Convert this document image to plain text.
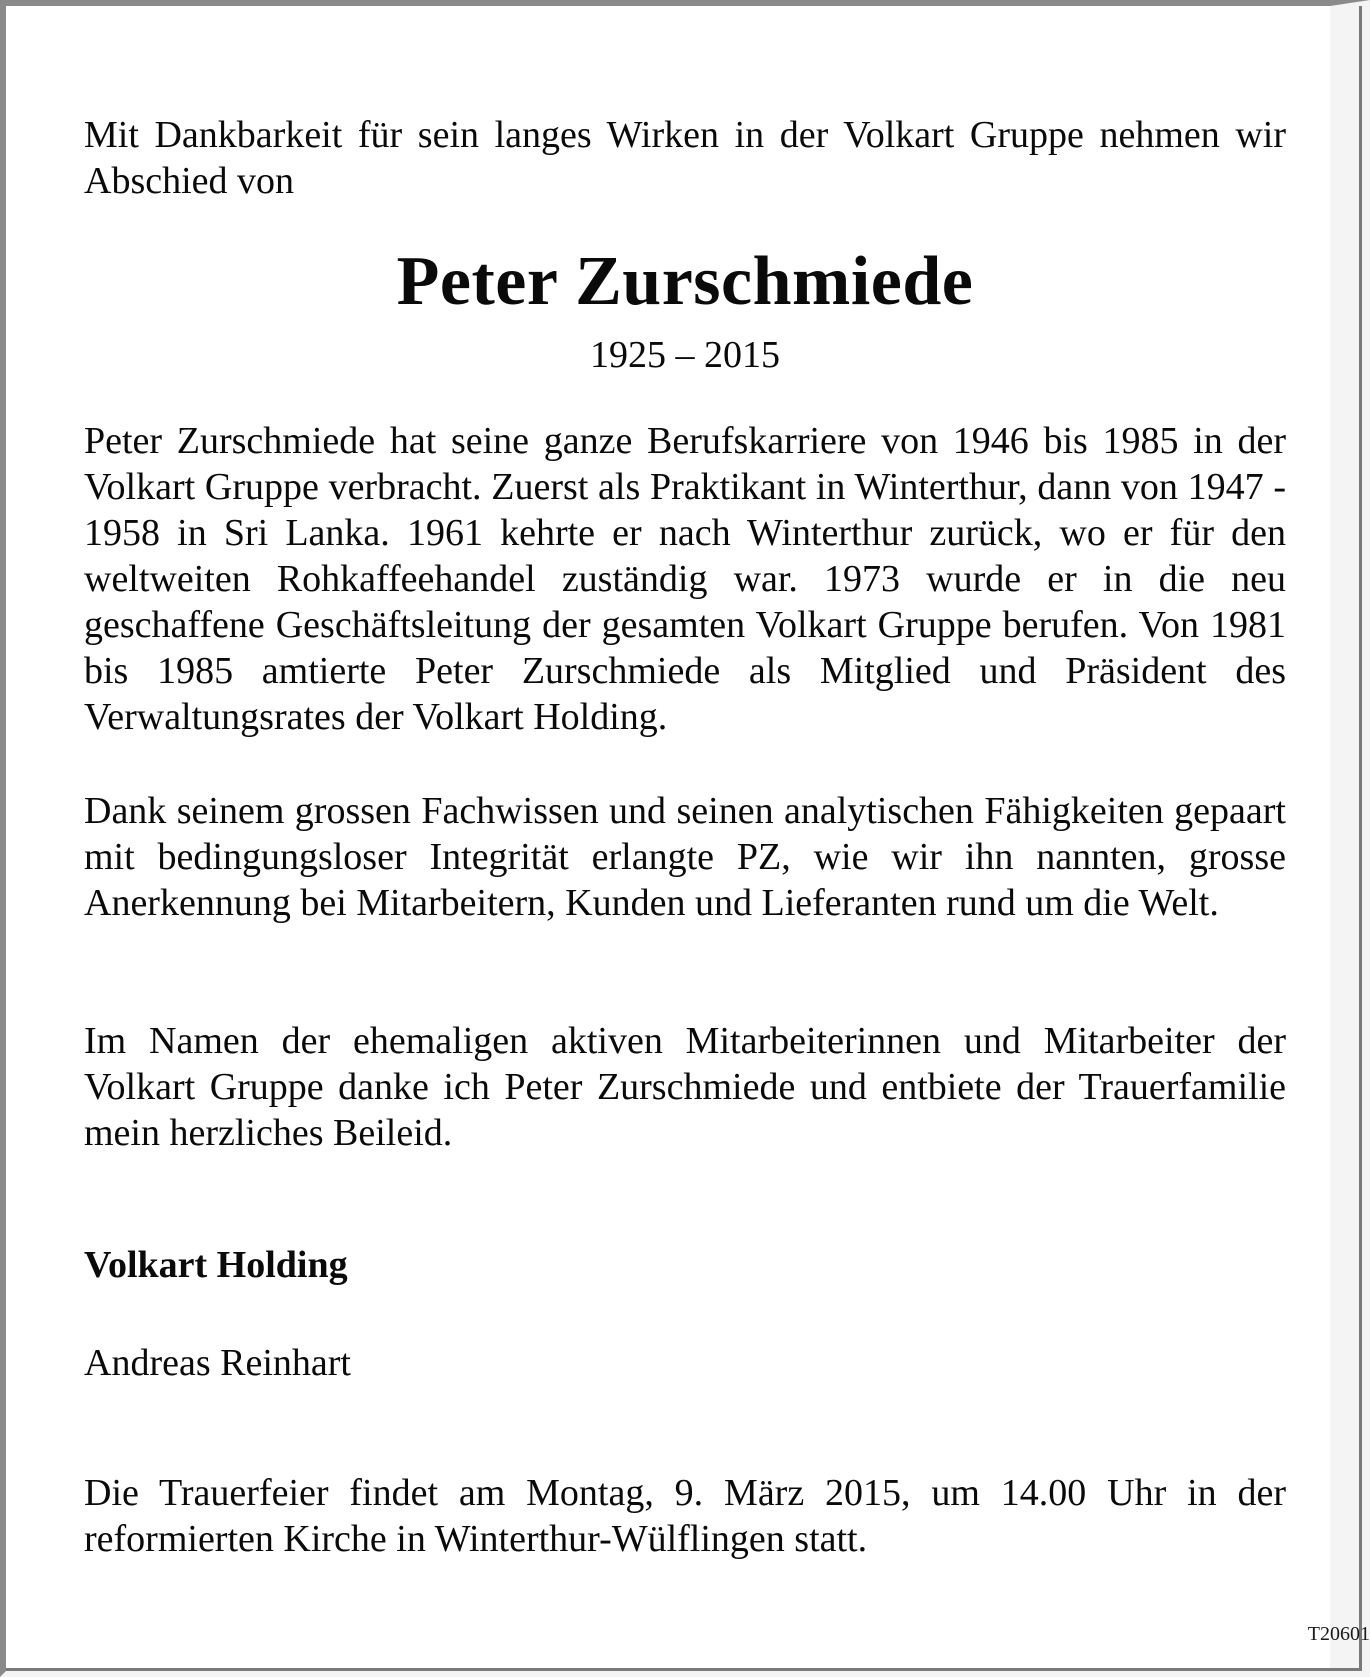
Mit Dankbarkeit für sein langes Wirken in der Volkart Gruppe nehmen wir Abschied von
Peter Zurschmiede
1925 – 2015
Peter Zurschmiede hat seine ganze Berufskarriere von 1946 bis 1985 in der Volkart Gruppe verbracht. Zuerst als Praktikant in Winterthur, dann von 1947 - 1958 in Sri Lanka. 1961 kehrte er nach Winterthur zurück, wo er für den weltweiten Rohkaffeehandel zuständig war. 1973 wurde er in die neu geschaffene Geschäftsleitung der gesamten Volkart Gruppe berufen. Von 1981 bis 1985 amtierte Peter Zurschmiede als Mitglied und Präsident des Verwaltungsrates der Volkart Holding.
Dank seinem grossen Fachwissen und seinen analytischen Fähigkeiten gepaart mit bedingungsloser Integrität erlangte PZ, wie wir ihn nannten, grosse Anerkennung bei Mitarbeitern, Kunden und Lieferanten rund um die Welt.
Im Namen der ehemaligen aktiven Mitarbeiterinnen und Mitarbeiter der Volkart Gruppe danke ich Peter Zurschmiede und entbiete der Trauerfamilie mein herzliches Beileid.
Volkart Holding
Andreas Reinhart
Die Trauerfeier findet am Montag, 9. März 2015, um 14.00 Uhr in der reformierten Kirche in Winterthur-Wülflingen statt.
T20601
